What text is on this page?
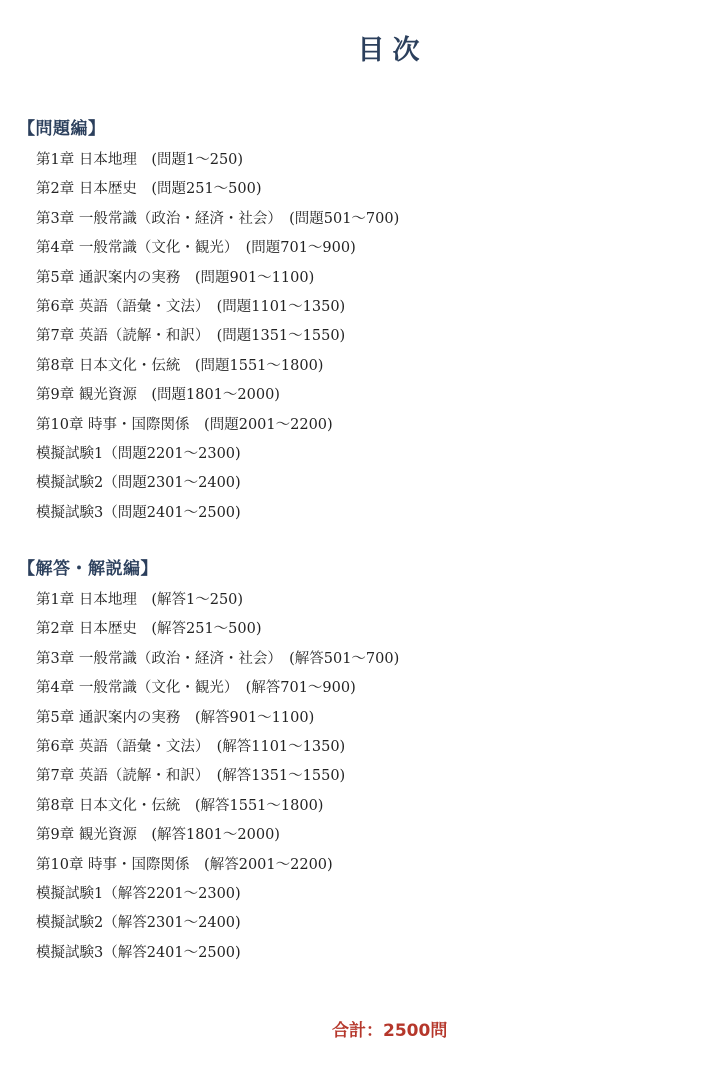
目次
【問題編】
第1章 日本地理　(問題1〜250)
第2章 日本歴史　(問題251〜500)
第3章 一般常識（政治・経済・社会）　(問題501〜700)
第4章 一般常識（文化・観光）　(問題701〜900)
第5章 通訳案内の実務　(問題901〜1100)
第6章 英語（語彙・文法）　(問題1101〜1350)
第7章 英語（読解・和訳）　(問題1351〜1550)
第8章 日本文化・伝統　(問題1551〜1800)
第9章 観光資源　(問題1801〜2000)
第10章 時事・国際関係　(問題2001〜2200)
模擬試験1（問題2201〜2300)
模擬試験2（問題2301〜2400)
模擬試験3（問題2401〜2500)
【解答・解説編】
第1章 日本地理　(解答1〜250)
第2章 日本歴史　(解答251〜500)
第3章 一般常識（政治・経済・社会）　(解答501〜700)
第4章 一般常識（文化・観光）　(解答701〜900)
第5章 通訳案内の実務　(解答901〜1100)
第6章 英語（語彙・文法）　(解答1101〜1350)
第7章 英語（読解・和訳）　(解答1351〜1550)
第8章 日本文化・伝統　(解答1551〜1800)
第9章 観光資源　(解答1801〜2000)
第10章 時事・国際関係　(解答2001〜2200)
模擬試験1（解答2201〜2300)
模擬試験2（解答2301〜2400)
模擬試験3（解答2401〜2500)
合計：2500問
